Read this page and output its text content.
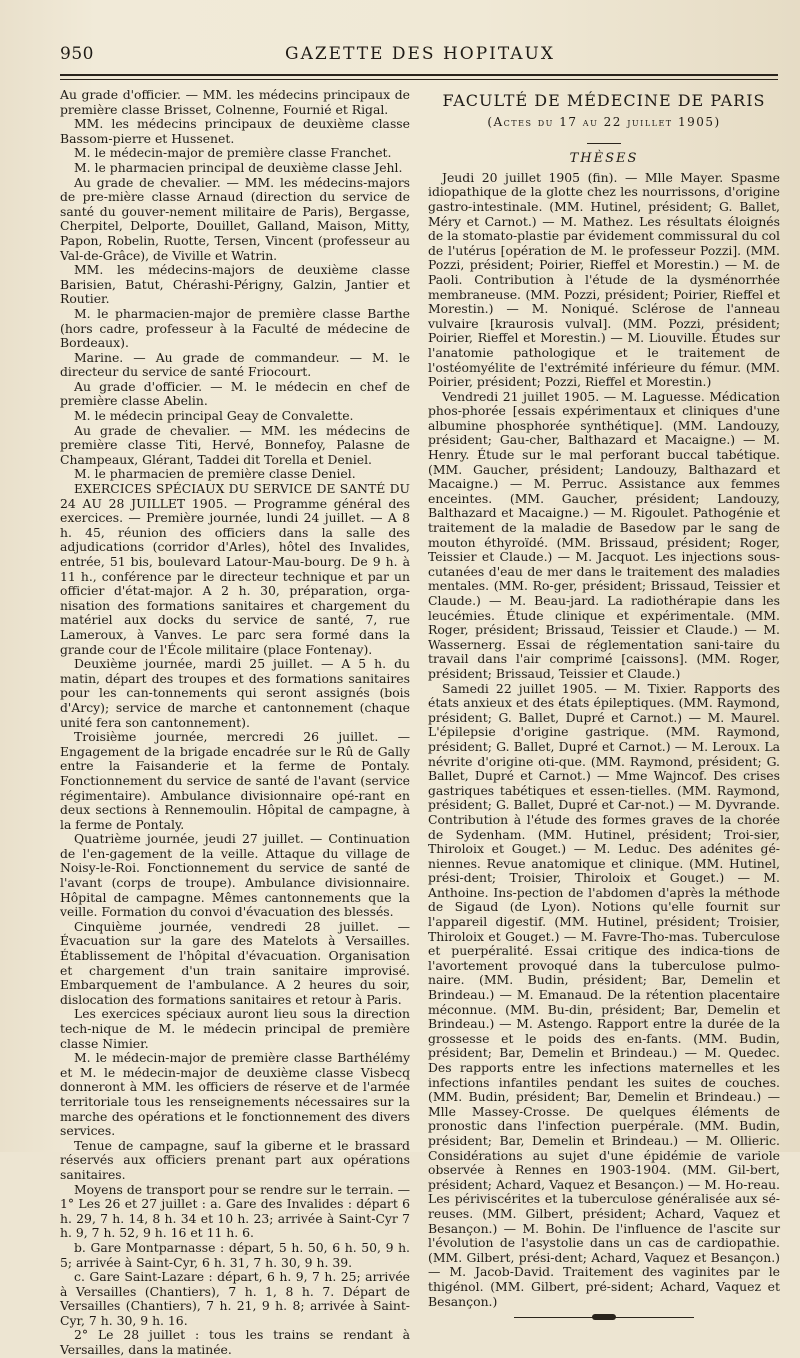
950	GAZETTE DES HOPITAUX

Au grade d'officier. — MM. les médecins principaux de première classe Brisset, Colnenne, Fournié et Rigal.

MM. les médecins principaux de deuxième classe Bassom-pierre et Hussenet.

M. le médecin-major de première classe Franchet.

M. le pharmacien principal de deuxième classe Jehl.

Au grade de chevalier. — MM. les médecins-majors de pre-mière classe Arnaud (direction du service de santé du gouver-nement militaire de Paris), Bergasse, Cherpitel, Delporte, Douillet, Galland, Maison, Mitty, Papon, Robelin, Ruotte, Tersen, Vincent (professeur au Val-de-Grâce), de Viville et Watrin.

MM. les médecins-majors de deuxième classe Barisien, Batut, Chérashi-Périgny, Galzin, Jantier et Routier.

M. le pharmacien-major de première classe Barthe (hors cadre, professeur à la Faculté de médecine de Bordeaux).

Marine. — Au grade de commandeur. — M. le directeur du service de santé Friocourt.

Au grade d'officier. — M. le médecin en chef de première classe Abelin.

M. le médecin principal Geay de Convalette.

Au grade de chevalier. — MM. les médecins de première classe Titi, Hervé, Bonnefoy, Palasne de Champeaux, Glérant, Taddei dit Torella et Deniel.

M. le pharmacien de première classe Deniel.

EXERCICES SPÉCIAUX DU SERVICE DE SANTÉ DU 24 AU 28 JUILLET 1905. — Programme général des exercices. — Première journée, lundi 24 juillet. — A 8 h. 45, réunion des officiers dans la salle des adjudications (corridor d'Arles), hôtel des Invalides, entrée, 51 bis, boulevard Latour-Mau-bourg. De 9 h. à 11 h., conférence par le directeur technique et par un officier d'état-major. A 2 h. 30, préparation, orga-nisation des formations sanitaires et chargement du matériel aux docks du service de santé, 7, rue Lameroux, à Vanves. Le parc sera formé dans la grande cour de l'École militaire (place Fontenay).

Deuxième journée, mardi 25 juillet. — A 5 h. du matin, départ des troupes et des formations sanitaires pour les can-tonnements qui seront assignés (bois d'Arcy); service de marche et cantonnement (chaque unité fera son cantonnement).

Troisième journée, mercredi 26 juillet. — Engagement de la brigade encadrée sur le Rû de Gally entre la Faisanderie et la ferme de Pontaly. Fonctionnement du service de santé de l'avant (service régimentaire). Ambulance divisionnaire opé-rant en deux sections à Rennemoulin. Hôpital de campagne, à la ferme de Pontaly.

Quatrième journée, jeudi 27 juillet. — Continuation de l'en-gagement de la veille. Attaque du village de Noisy-le-Roi. Fonctionnement du service de santé de l'avant (corps de troupe). Ambulance divisionnaire. Hôpital de campagne. Mêmes cantonnements que la veille. Formation du convoi d'évacuation des blessés.

Cinquième journée, vendredi 28 juillet. — Évacuation sur la gare des Matelots à Versailles. Établissement de l'hôpital d'évacuation. Organisation et chargement d'un train sanitaire improvisé. Embarquement de l'ambulance. A 2 heures du soir, dislocation des formations sanitaires et retour à Paris.

Les exercices spéciaux auront lieu sous la direction tech-nique de M. le médecin principal de première classe Nimier.

M. le médecin-major de première classe Barthélémy et M. le médecin-major de deuxième classe Visbecq donneront à MM. les officiers de réserve et de l'armée territoriale tous les renseignements nécessaires sur la marche des opérations et le fonctionnement des divers services.

Tenue de campagne, sauf la giberne et le brassard réservés aux officiers prenant part aux opérations sanitaires.

Moyens de transport pour se rendre sur le terrain. — 1° Les 26 et 27 juillet : a. Gare des Invalides : départ 6 h. 29, 7 h. 14, 8 h. 34 et 10 h. 23; arrivée à Saint-Cyr 7 h. 9, 7 h. 52, 9 h. 16 et 11 h. 6.

b. Gare Montparnasse : départ, 5 h. 50, 6 h. 50, 9 h. 5; arrivée à Saint-Cyr, 6 h. 31, 7 h. 30, 9 h. 39.

c. Gare Saint-Lazare : départ, 6 h. 9, 7 h. 25; arrivée à Versailles (Chantiers), 7 h. 1, 8 h. 7. Départ de Versailles (Chantiers), 7 h. 21, 9 h. 8; arrivée à Saint-Cyr, 7 h. 30, 9 h. 16.

2° Le 28 juillet : tous les trains se rendant à Versailles, dans la matinée.

FACULTÉ DE MÉDECINE DE PARIS
(Actes du 17 au 22 juillet 1905)
THÈSES

Jeudi 20 juillet 1905 (fin). — Mlle Mayer. Spasme idiopathique de la glotte chez les nourrissons, d'origine gastro-intestinale. (MM. Hutinel, président; G. Ballet, Méry et Carnot.) — M. Mathez. Les résultats éloignés de la stomato-plastie par évidement commissural du col de l'utérus [opération de M. le professeur Pozzi]. (MM. Pozzi, président; Poirier, Rieffel et Morestin.) — M. de Paoli. Contribution à l'étude de la dysménorrhée membraneuse. (MM. Pozzi, président; Poirier, Rieffel et Morestin.) — M. Noniqué. Sclérose de l'anneau vulvaire [kraurosis vulval]. (MM. Pozzi, président; Poirier, Rieffel et Morestin.) — M. Liouville. Études sur l'anatomie pathologique et le traitement de l'ostéomyélite de l'extrémité inférieure du fémur. (MM. Poirier, président; Pozzi, Rieffel et Morestin.)

Vendredi 21 juillet 1905. — M. Laguesse. Médication phos-phorée [essais expérimentaux et cliniques d'une albumine phosphorée synthétique]. (MM. Landouzy, président; Gau-cher, Balthazard et Macaigne.) — M. Henry. Étude sur le mal perforant buccal tabétique. (MM. Gaucher, président; Landouzy, Balthazard et Macaigne.) — M. Perruc. Assistance aux femmes enceintes. (MM. Gaucher, président; Landouzy, Balthazard et Macaigne.) — M. Rigoulet. Pathogénie et traitement de la maladie de Basedow par le sang de mouton éthyroïdé. (MM. Brissaud, président; Roger, Teissier et Claude.) — M. Jacquot. Les injections sous-cutanées d'eau de mer dans le traitement des maladies mentales. (MM. Ro-ger, président; Brissaud, Teissier et Claude.) — M. Beau-jard. La radiothérapie dans les leucémies. Étude clinique et expérimentale. (MM. Roger, président; Brissaud, Teissier et Claude.) — M. Wassernerg. Essai de réglementation sani-taire du travail dans l'air comprimé [caissons]. (MM. Roger, président; Brissaud, Teissier et Claude.)

Samedi 22 juillet 1905. — M. Tixier. Rapports des états anxieux et des états épileptiques. (MM. Raymond, président; G. Ballet, Dupré et Carnot.) — M. Maurel. L'épilepsie d'origine gastrique. (MM. Raymond, président; G. Ballet, Dupré et Carnot.) — M. Leroux. La névrite d'origine oti-que. (MM. Raymond, président; G. Ballet, Dupré et Carnot.) — Mme Wajncof. Des crises gastriques tabétiques et essen-tielles. (MM. Raymond, président; G. Ballet, Dupré et Car-not.) — M. Dyvrande. Contribution à l'étude des formes graves de la chorée de Sydenham. (MM. Hutinel, président; Troi-sier, Thiroloix et Gouget.) — M. Leduc. Des adénites gé-niennes. Revue anatomique et clinique. (MM. Hutinel, prési-dent; Troisier, Thiroloix et Gouget.) — M. Anthoine. Ins-pection de l'abdomen d'après la méthode de Sigaud (de Lyon). Notions qu'elle fournit sur l'appareil digestif. (MM. Hutinel, président; Troisier, Thiroloix et Gouget.) — M. Favre-Tho-mas. Tuberculose et puerpéralité. Essai critique des indica-tions de l'avortement provoqué dans la tuberculose pulmo-naire. (MM. Budin, président; Bar, Demelin et Brindeau.) — M. Emanaud. De la rétention placentaire méconnue. (MM. Bu-din, président; Bar, Demelin et Brindeau.) — M. Astengo. Rapport entre la durée de la grossesse et le poids des en-fants. (MM. Budin, président; Bar, Demelin et Brindeau.) — M. Quedec. Des rapports entre les infections maternelles et les infections infantiles pendant les suites de couches. (MM. Budin, président; Bar, Demelin et Brindeau.) — Mlle Massey-Crosse. De quelques éléments de pronostic dans l'infection puerpérale. (MM. Budin, président; Bar, Demelin et Brindeau.) — M. Ollieric. Considérations au sujet d'une épidémie de variole observée à Rennes en 1903-1904. (MM. Gil-bert, président; Achard, Vaquez et Besançon.) — M. Ho-reau. Les périviscérites et la tuberculose généralisée aux sé-reuses. (MM. Gilbert, président; Achard, Vaquez et Besançon.) — M. Bohin. De l'influence de l'ascite sur l'évolution de l'asystolie dans un cas de cardiopathie. (MM. Gilbert, prési-dent; Achard, Vaquez et Besançon.) — M. Jacob-David. Traitement des vaginites par le thigénol. (MM. Gilbert, pré-sident; Achard, Vaquez et Besançon.)
